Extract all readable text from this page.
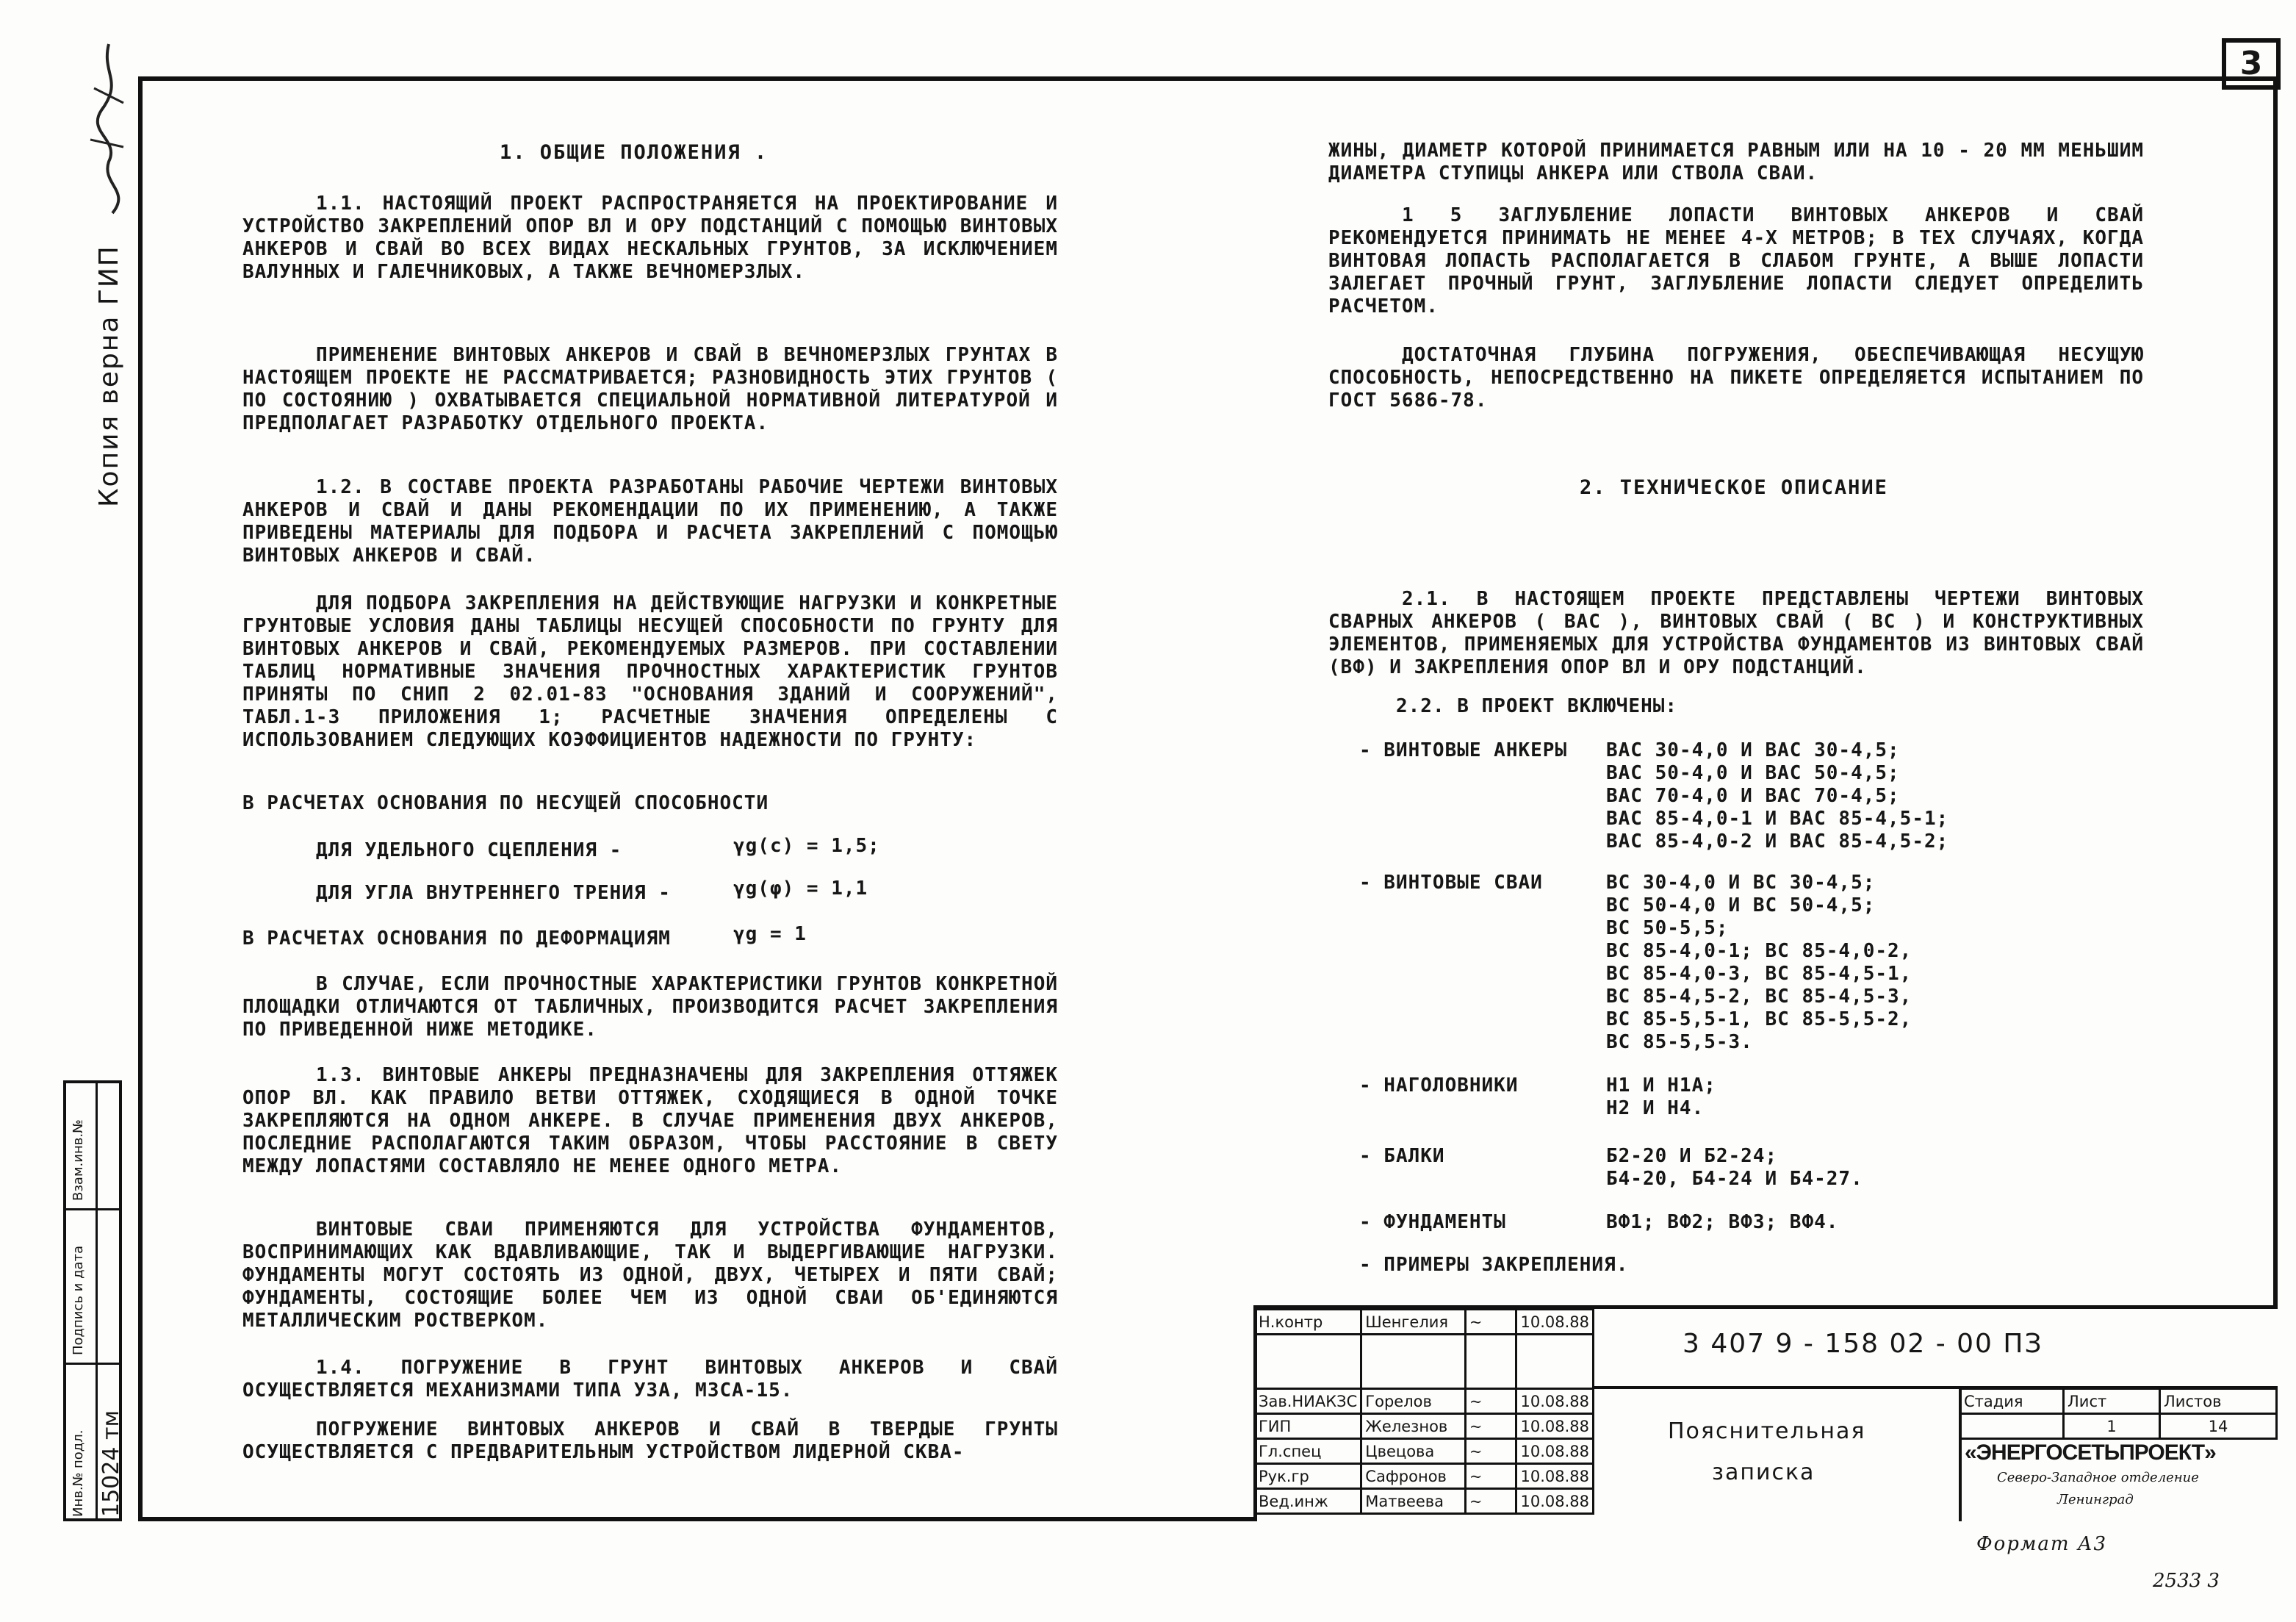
3
Копия верна ГИП
Взам.инв.№
Подпись и дата
Инв.№ подл. 15024 тм
1. ОБЩИЕ ПОЛОЖЕНИЯ .
1.1. НАСТОЯЩИЙ ПРОЕКТ РАСПРОСТРАНЯЕТСЯ НА ПРОЕКТИРОВАНИЕ И УСТРОЙСТВО ЗАКРЕПЛЕНИЙ ОПОР ВЛ И ОРУ ПОДСТАНЦИЙ С ПОМОЩЬЮ ВИНТОВЫХ АНКЕРОВ И СВАЙ ВО ВСЕХ ВИДАХ НЕСКАЛЬНЫХ ГРУНТОВ, ЗА ИСКЛЮЧЕНИЕМ ВАЛУННЫХ И ГАЛЕЧНИКОВЫХ, А ТАКЖЕ ВЕЧНОМЕРЗЛЫХ.
ПРИМЕНЕНИЕ ВИНТОВЫХ АНКЕРОВ И СВАЙ В ВЕЧНОМЕРЗЛЫХ ГРУНТАХ В НАСТОЯЩЕМ ПРОЕКТЕ НЕ РАССМАТРИВАЕТСЯ; РАЗНОВИДНОСТЬ ЭТИХ ГРУНТОВ ( ПО СОСТОЯНИЮ ) ОХВАТЫВАЕТСЯ СПЕЦИАЛЬНОЙ НОРМАТИВНОЙ ЛИТЕРАТУРОЙ И ПРЕДПОЛАГАЕТ РАЗРАБОТКУ ОТДЕЛЬНОГО ПРОЕКТА.
1.2. В СОСТАВЕ ПРОЕКТА РАЗРАБОТАНЫ РАБОЧИЕ ЧЕРТЕЖИ ВИНТОВЫХ АНКЕРОВ И СВАЙ И ДАНЫ РЕКОМЕНДАЦИИ ПО ИХ ПРИМЕНЕНИЮ, А ТАКЖЕ ПРИВЕДЕНЫ МАТЕРИАЛЫ ДЛЯ ПОДБОРА И РАСЧЕТА ЗАКРЕПЛЕНИЙ С ПОМОЩЬЮ ВИНТОВЫХ АНКЕРОВ И СВАЙ.
ДЛЯ ПОДБОРА ЗАКРЕПЛЕНИЯ НА ДЕЙСТВУЮЩИЕ НАГРУЗКИ И КОНКРЕТНЫЕ ГРУНТОВЫЕ УСЛОВИЯ ДАНЫ ТАБЛИЦЫ НЕСУЩЕЙ СПОСОБНОСТИ ПО ГРУНТУ ДЛЯ ВИНТОВЫХ АНКЕРОВ И СВАЙ, РЕКОМЕНДУЕМЫХ РАЗМЕРОВ. ПРИ СОСТАВЛЕНИИ ТАБЛИЦ НОРМАТИВНЫЕ ЗНАЧЕНИЯ ПРОЧНОСТНЫХ ХАРАКТЕРИСТИК ГРУНТОВ ПРИНЯТЫ ПО СНИП 2 02.01-83 "ОСНОВАНИЯ ЗДАНИЙ И СООРУЖЕНИЙ", ТАБЛ.1-3 ПРИЛОЖЕНИЯ 1; РАСЧЕТНЫЕ ЗНАЧЕНИЯ ОПРЕДЕЛЕНЫ С ИСПОЛЬЗОВАНИЕМ СЛЕДУЮЩИХ КОЭФФИЦИЕНТОВ НАДЕЖНОСТИ ПО ГРУНТУ:
В РАСЧЕТАХ ОСНОВАНИЯ ПО НЕСУЩЕЙ СПОСОБНОСТИ
ДЛЯ УДЕЛЬНОГО СЦЕПЛЕНИЯ -	γg(c) = 1,5;
ДЛЯ УГЛА ВНУТРЕННЕГО ТРЕНИЯ -	γg(φ) = 1,1
В РАСЧЕТАХ ОСНОВАНИЯ ПО ДЕФОРМАЦИЯМ	γg = 1
В СЛУЧАЕ, ЕСЛИ ПРОЧНОСТНЫЕ ХАРАКТЕРИСТИКИ ГРУНТОВ КОНКРЕТНОЙ ПЛОЩАДКИ ОТЛИЧАЮТСЯ ОТ ТАБЛИЧНЫХ, ПРОИЗВОДИТСЯ РАСЧЕТ ЗАКРЕПЛЕНИЯ ПО ПРИВЕДЕННОЙ НИЖЕ МЕТОДИКЕ.
1.3. ВИНТОВЫЕ АНКЕРЫ ПРЕДНАЗНАЧЕНЫ ДЛЯ ЗАКРЕПЛЕНИЯ ОТТЯЖЕК ОПОР ВЛ. КАК ПРАВИЛО ВЕТВИ ОТТЯЖЕК, СХОДЯЩИЕСЯ В ОДНОЙ ТОЧКЕ ЗАКРЕПЛЯЮТСЯ НА ОДНОМ АНКЕРЕ. В СЛУЧАЕ ПРИМЕНЕНИЯ ДВУХ АНКЕРОВ, ПОСЛЕДНИЕ РАСПОЛАГАЮТСЯ ТАКИМ ОБРАЗОМ, ЧТОБЫ РАССТОЯНИЕ В СВЕТУ МЕЖДУ ЛОПАСТЯМИ СОСТАВЛЯЛО НЕ МЕНЕЕ ОДНОГО МЕТРА.
ВИНТОВЫЕ СВАИ ПРИМЕНЯЮТСЯ ДЛЯ УСТРОЙСТВА ФУНДАМЕНТОВ, ВОСПРИНИМАЮЩИХ КАК ВДАВЛИВАЮЩИЕ, ТАК И ВЫДЕРГИВАЮЩИЕ НАГРУЗКИ. ФУНДАМЕНТЫ МОГУТ СОСТОЯТЬ ИЗ ОДНОЙ, ДВУХ, ЧЕТЫРЕХ И ПЯТИ СВАЙ; ФУНДАМЕНТЫ, СОСТОЯЩИЕ БОЛЕЕ ЧЕМ ИЗ ОДНОЙ СВАИ ОБ'ЕДИНЯЮТСЯ МЕТАЛЛИЧЕСКИМ РОСТВЕРКОМ.
1.4. ПОГРУЖЕНИЕ В ГРУНТ ВИНТОВЫХ АНКЕРОВ И СВАЙ ОСУЩЕСТВЛЯЕТСЯ МЕХАНИЗМАМИ ТИПА УЗА, МЗСА-15.
ПОГРУЖЕНИЕ ВИНТОВЫХ АНКЕРОВ И СВАЙ В ТВЕРДЫЕ ГРУНТЫ ОСУЩЕСТВЛЯЕТСЯ С ПРЕДВАРИТЕЛЬНЫМ УСТРОЙСТВОМ ЛИДЕРНОЙ СКВА-
ЖИНЫ, ДИАМЕТР КОТОРОЙ ПРИНИМАЕТСЯ РАВНЫМ ИЛИ НА 10 - 20 ММ МЕНЬШИМ ДИАМЕТРА СТУПИЦЫ АНКЕРА ИЛИ СТВОЛА СВАИ.
1 5 ЗАГЛУБЛЕНИЕ ЛОПАСТИ ВИНТОВЫХ АНКЕРОВ И СВАЙ РЕКОМЕНДУЕТСЯ ПРИНИМАТЬ НЕ МЕНЕЕ 4-Х МЕТРОВ; В ТЕХ СЛУЧАЯХ, КОГДА ВИНТОВАЯ ЛОПАСТЬ РАСПОЛАГАЕТСЯ В СЛАБОМ ГРУНТЕ, А ВЫШЕ ЛОПАСТИ ЗАЛЕГАЕТ ПРОЧНЫЙ ГРУНТ, ЗАГЛУБЛЕНИЕ ЛОПАСТИ СЛЕДУЕТ ОПРЕДЕЛИТЬ РАСЧЕТОМ.
ДОСТАТОЧНАЯ ГЛУБИНА ПОГРУЖЕНИЯ, ОБЕСПЕЧИВАЮЩАЯ НЕСУЩУЮ СПОСОБНОСТЬ, НЕПОСРЕДСТВЕННО НА ПИКЕТЕ ОПРЕДЕЛЯЕТСЯ ИСПЫТАНИЕМ ПО ГОСТ 5686-78.
2. ТЕХНИЧЕСКОЕ ОПИСАНИЕ
2.1. В НАСТОЯЩЕМ ПРОЕКТЕ ПРЕДСТАВЛЕНЫ ЧЕРТЕЖИ ВИНТОВЫХ СВАРНЫХ АНКЕРОВ ( ВАС ), ВИНТОВЫХ СВАЙ ( ВС ) И КОНСТРУКТИВНЫХ ЭЛЕМЕНТОВ, ПРИМЕНЯЕМЫХ ДЛЯ УСТРОЙСТВА ФУНДАМЕНТОВ ИЗ ВИНТОВЫХ СВАЙ (ВФ) И ЗАКРЕПЛЕНИЯ ОПОР ВЛ И ОРУ ПОДСТАНЦИЙ.
2.2. В ПРОЕКТ ВКЛЮЧЕНЫ:
- ВИНТОВЫЕ АНКЕРЫ ВАС 30-4,0 И ВАС 30-4,5;
ВАС 50-4,0 И ВАС 50-4,5;
ВАС 70-4,0 И ВАС 70-4,5;
ВАС 85-4,0-1 И ВАС 85-4,5-1;
ВАС 85-4,0-2 И ВАС 85-4,5-2;
- ВИНТОВЫЕ СВАИ	ВС 30-4,0 И ВС 30-4,5;
ВС 50-4,0 И ВС 50-4,5;
ВС 50-5,5;
ВС 85-4,0-1; ВС 85-4,0-2,
ВС 85-4,0-3, ВС 85-4,5-1,
ВС 85-4,5-2, ВС 85-4,5-3,
ВС 85-5,5-1, ВС 85-5,5-2,
ВС 85-5,5-3.
- НАГОЛОВНИКИ	Н1 И Н1А;
Н2 И Н4.
- БАЛКИ	Б2-20 И Б2-24;
Б4-20, Б4-24 И Б4-27.
- ФУНДАМЕНТЫ	ВФ1; ВФ2; ВФ3; ВФ4.
- ПРИМЕРЫ ЗАКРЕПЛЕНИЯ.
Н.контр	Шенгелия	~	10.08.88

Зав.НИАКЗС	Горелов	~	10.08.88
ГИП	Железнов	~	10.08.88
Гл.спец	Цвецова	~	10.08.88
Рук.гр	Сафронов	~	10.08.88
Вед.инж	Матвеева	~	10.08.88
3 407 9 - 158 02 - 00 ПЗ
Пояснительная
записка
Стадия	Лист	Листов
	1	14
«ЭНЕРГОСЕТЬПРОЕКТ»
Северо-Западное отделение
Ленинград
Формат А3
2533 3
